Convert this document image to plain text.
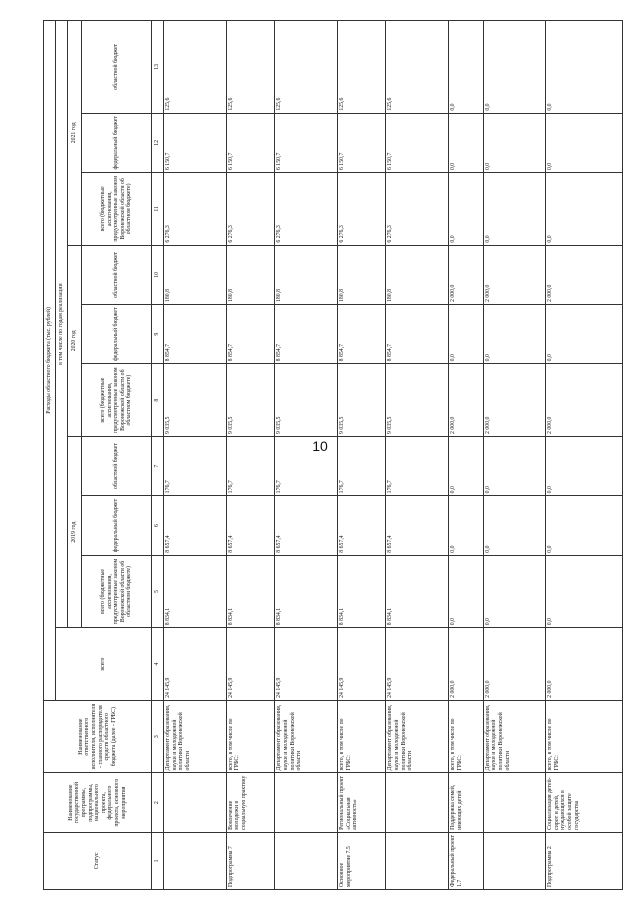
10
Статус	Наименование государственной программы, подпрограммы, национального проекта, федерального проекта, основного мероприятия	Наименование ответственного исполнителя, исполнителя - главного распорядителя средств областного бюджета (далее - ГРБС)	Расходы областного бюджета (тыс. рублей)									
			всего	в том числе по годам реализации								
				2019 год			2020 год			2021 год		
				всего (бюджетные ассигнования, предусмотренные законом Воронежской области об областном бюджете)	федеральный бюджет	областной бюджет	всего (бюджетные ассигнования, предусмотренные законом Воронежской области об областном бюджете)	федеральный бюджет	областной бюджет	всего (бюджетные ассигнования, предусмотренные законом Воронежской области об областном бюджете)	федеральный бюджет	областной бюджет
1	2	3	4	5	6	7	8	9	10	11	12	13
		Департамент образования, науки и молодежной политики Воронежской области	24 145,9	8 834,1	8 657,4	176,7	9 035,5	8 854,7	180,8	6 276,3	6 150,7	125,6
Подпрограмма 7	Вовлечение молодежи в социальную практику	всего, в том числе по ГРБС:	24 145,9	8 834,1	8 657,4	176,7	9 035,5	8 854,7	180,8	6 276,3	6 150,7	125,6
		Департамент образования, науки и молодежной политики Воронежской области	24 145,9	8 834,1	8 657,4	176,7	9 035,5	8 854,7	180,8	6 276,3	6 150,7	125,6
Основное мероприятие 7.5	Региональный проект «Социальная активность»	всего, в том числе по ГРБС:	24 145,9	8 834,1	8 657,4	176,7	9 035,5	8 854,7	180,8	6 276,3	6 150,7	125,6
		Департамент образования, науки и молодежной политики Воронежской области	24 145,9	8 834,1	8 657,4	176,7	9 035,5	8 854,7	180,8	6 276,3	6 150,7	125,6
Федеральный проект 1.7	Поддержка семей, имеющих детей	всего, в том числе по ГРБС:	2 000,0	0,0	0,0	0,0	2 000,0	0,0	2 000,0	0,0	0,0	0,0
		Департамент образования, науки и молодежной политики Воронежской области	2 000,0	0,0	0,0	0,0	2 000,0	0,0	2 000,0	0,0	0,0	0,0
Подпрограмма 2	Социализация детей-сирот и детей, нуждающихся в особой защите государства	всего, в том числе по ГРБС:	2 000,0	0,0	0,0	0,0	2 000,0	0,0	2 000,0	0,0	0,0	0,0
